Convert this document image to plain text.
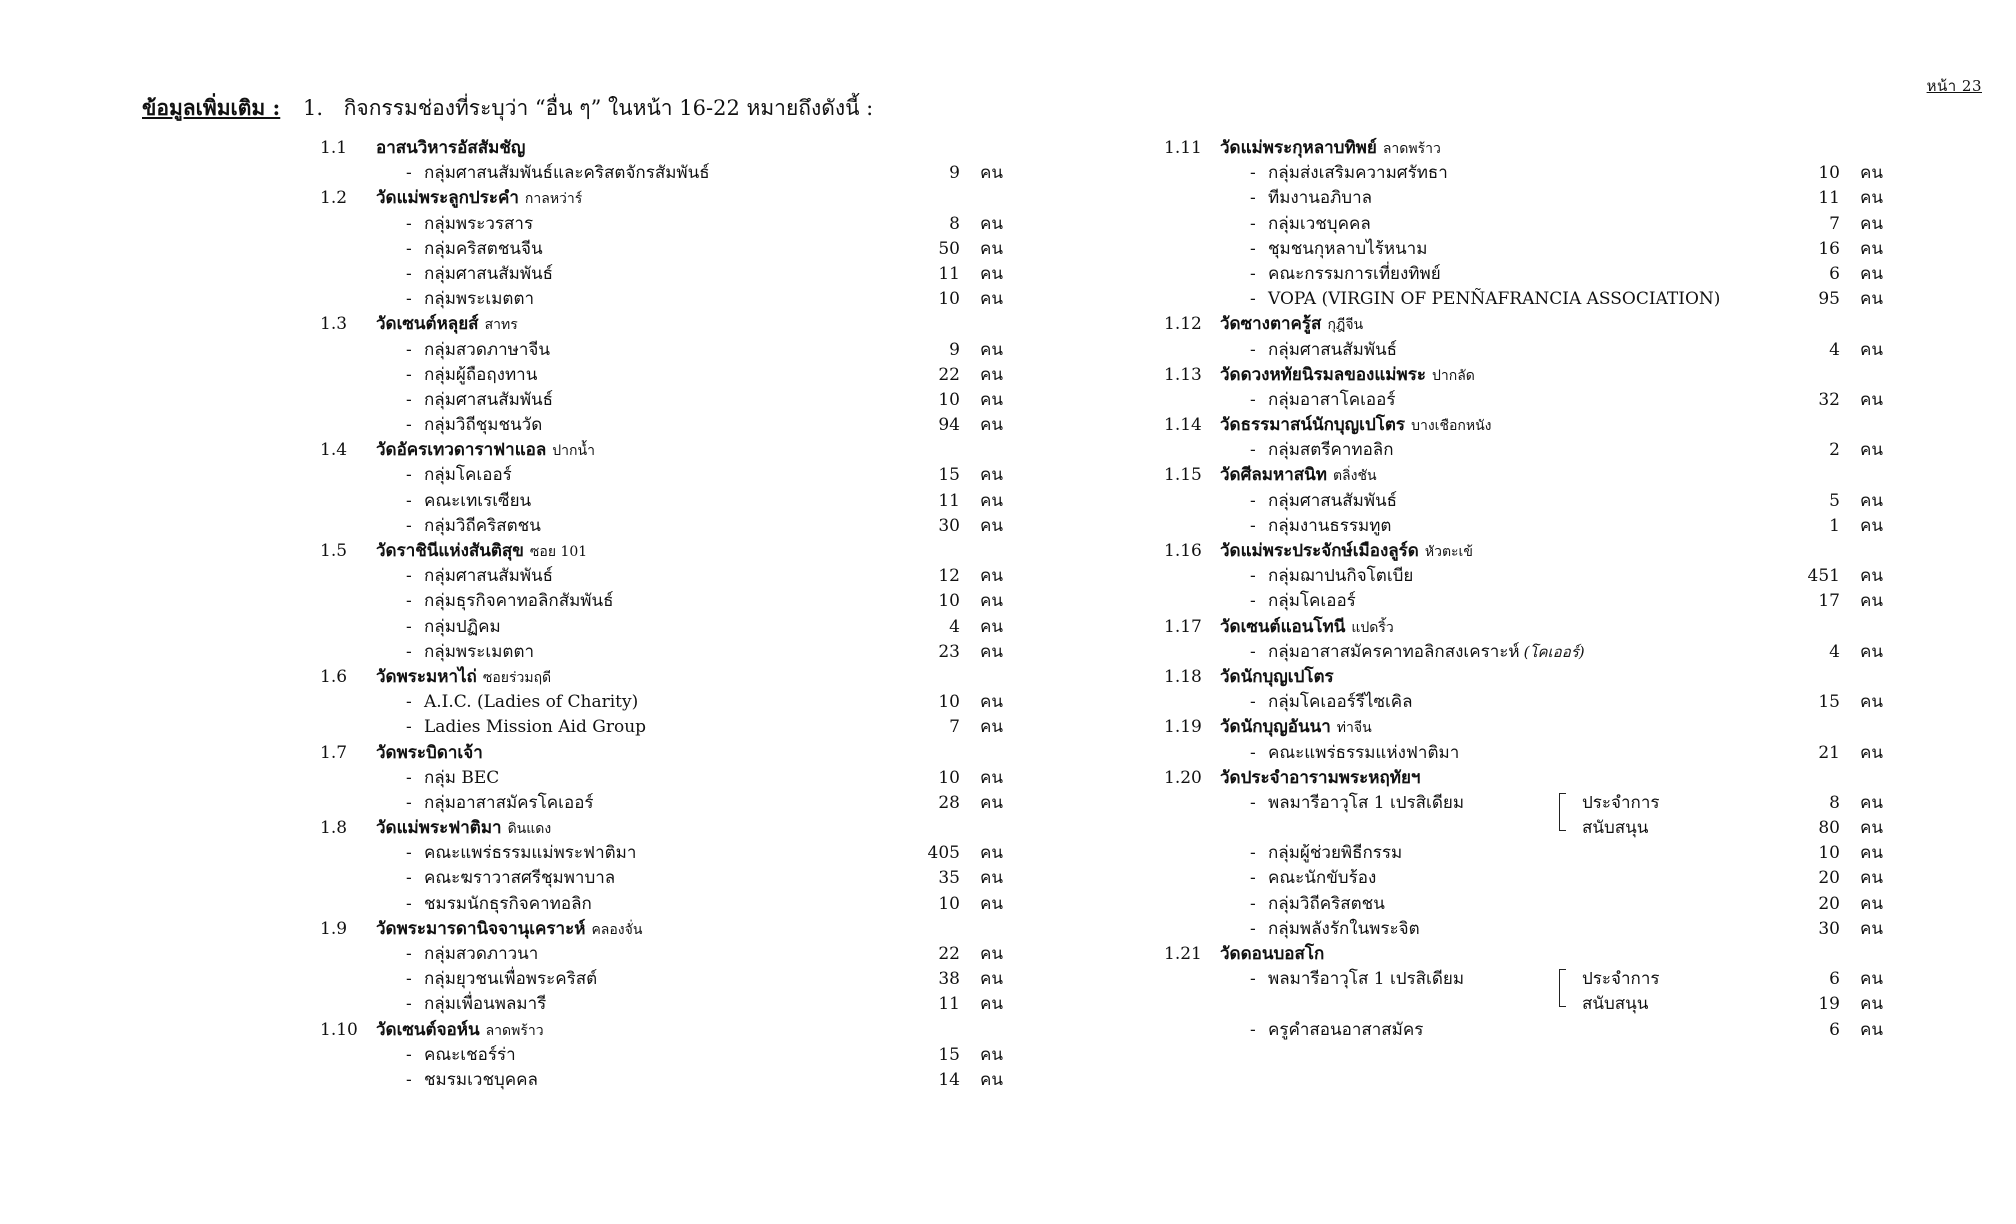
หน้า 23
ข้อมูลเพิ่มเติม : 1. กิจกรรมช่องที่ระบุว่า “อื่น ๆ” ในหน้า 16-22 หมายถึงดังนี้ :
1.1	อาสนวิหารอัสสัมชัญ
- กลุ่มศาสนสัมพันธ์และคริสตจักรสัมพันธ์	9 คน
1.2	วัดแม่พระลูกประคำ กาลหว่าร์
- กลุ่มพระวรสาร	8 คน
- กลุ่มคริสตชนจีน	50 คน
- กลุ่มศาสนสัมพันธ์	11 คน
- กลุ่มพระเมตตา	10 คน
1.3	วัดเซนต์หลุยส์ สาทร
- กลุ่มสวดภาษาจีน	9 คน
- กลุ่มผู้ถือฤงทาน	22 คน
- กลุ่มศาสนสัมพันธ์	10 คน
- กลุ่มวิถีชุมชนวัด	94 คน
1.4	วัดอัครเทวดาราฟาแอล ปากน้ำ
- กลุ่มโคเออร์	15 คน
- คณะเทเรเซียน	11 คน
- กลุ่มวิถีคริสตชน	30 คน
1.5	วัดราชินีแห่งสันติสุข ซอย 101
- กลุ่มศาสนสัมพันธ์	12 คน
- กลุ่มธุรกิจคาทอลิกสัมพันธ์	10 คน
- กลุ่มปฏิคม	4 คน
- กลุ่มพระเมตตา	23 คน
1.6	วัดพระมหาไถ่ ซอยร่วมฤดี
- A.I.C. (Ladies of Charity)	10 คน
- Ladies Mission Aid Group	7 คน
1.7	วัดพระบิดาเจ้า
- กลุ่ม BEC	10 คน
- กลุ่มอาสาสมัครโคเออร์	28 คน
1.8	วัดแม่พระฟาติมา ดินแดง
- คณะแพร่ธรรมแม่พระฟาติมา	405 คน
- คณะฆราวาสศรีชุมพาบาล	35 คน
- ชมรมนักธุรกิจคาทอลิก	10 คน
1.9	วัดพระมารดานิจจานุเคราะห์ คลองจั่น
- กลุ่มสวดภาวนา	22 คน
- กลุ่มยุวชนเพื่อพระคริสต์	38 คน
- กลุ่มเพื่อนพลมารี	11 คน
1.10	วัดเซนต์จอห์น ลาดพร้าว
- คณะเชอร์ร่า	15 คน
- ชมรมเวชบุคคล	14 คน
1.11	วัดแม่พระกุหลาบทิพย์ ลาดพร้าว
- กลุ่มส่งเสริมความศรัทธา	10 คน
- ทีมงานอภิบาล	11 คน
- กลุ่มเวชบุคคล	7 คน
- ชุมชนกุหลาบไร้หนาม	16 คน
- คณะกรรมการเที่ยงทิพย์	6 คน
- VOPA (VIRGIN OF PENÑAFRANCIA ASSOCIATION)	95 คน
1.12	วัดซางตาครู้ส กุฎีจีน
- กลุ่มศาสนสัมพันธ์	4 คน
1.13	วัดดวงหทัยนิรมลของแม่พระ ปากลัด
- กลุ่มอาสาโคเออร์	32 คน
1.14	วัดธรรมาสน์นักบุญเปโตร บางเชือกหนัง
- กลุ่มสตรีคาทอลิก	2 คน
1.15	วัดศีลมหาสนิท ตลิ่งชัน
- กลุ่มศาสนสัมพันธ์	5 คน
- กลุ่มงานธรรมทูต	1 คน
1.16	วัดแม่พระประจักษ์เมืองลูร์ด หัวตะเข้
- กลุ่มฌาปนกิจโตเบีย	451 คน
- กลุ่มโคเออร์	17 คน
1.17	วัดเซนต์แอนโทนี แปดริ้ว
- กลุ่มอาสาสมัครคาทอลิกสงเคราะห์ (โคเออร์)	4 คน
1.18	วัดนักบุญเปโตร
- กลุ่มโคเออร์รีไซเคิล	15 คน
1.19	วัดนักบุญอันนา ท่าจีน
- คณะแพร่ธรรมแห่งฟาติมา	21 คน
1.20	วัดประจำอารามพระหฤทัยฯ
- พลมารีอาวุโส 1 เปรสิเดียม	ประจำการ	8 คน
สนับสนุน	80 คน
- กลุ่มผู้ช่วยพิธีกรรม	10 คน
- คณะนักขับร้อง	20 คน
- กลุ่มวิถีคริสตชน	20 คน
- กลุ่มพลังรักในพระจิต	30 คน
1.21	วัดดอนบอสโก
- พลมารีอาวุโส 1 เปรสิเดียม	ประจำการ	6 คน
สนับสนุน	19 คน
- ครูคำสอนอาสาสมัคร	6 คน
